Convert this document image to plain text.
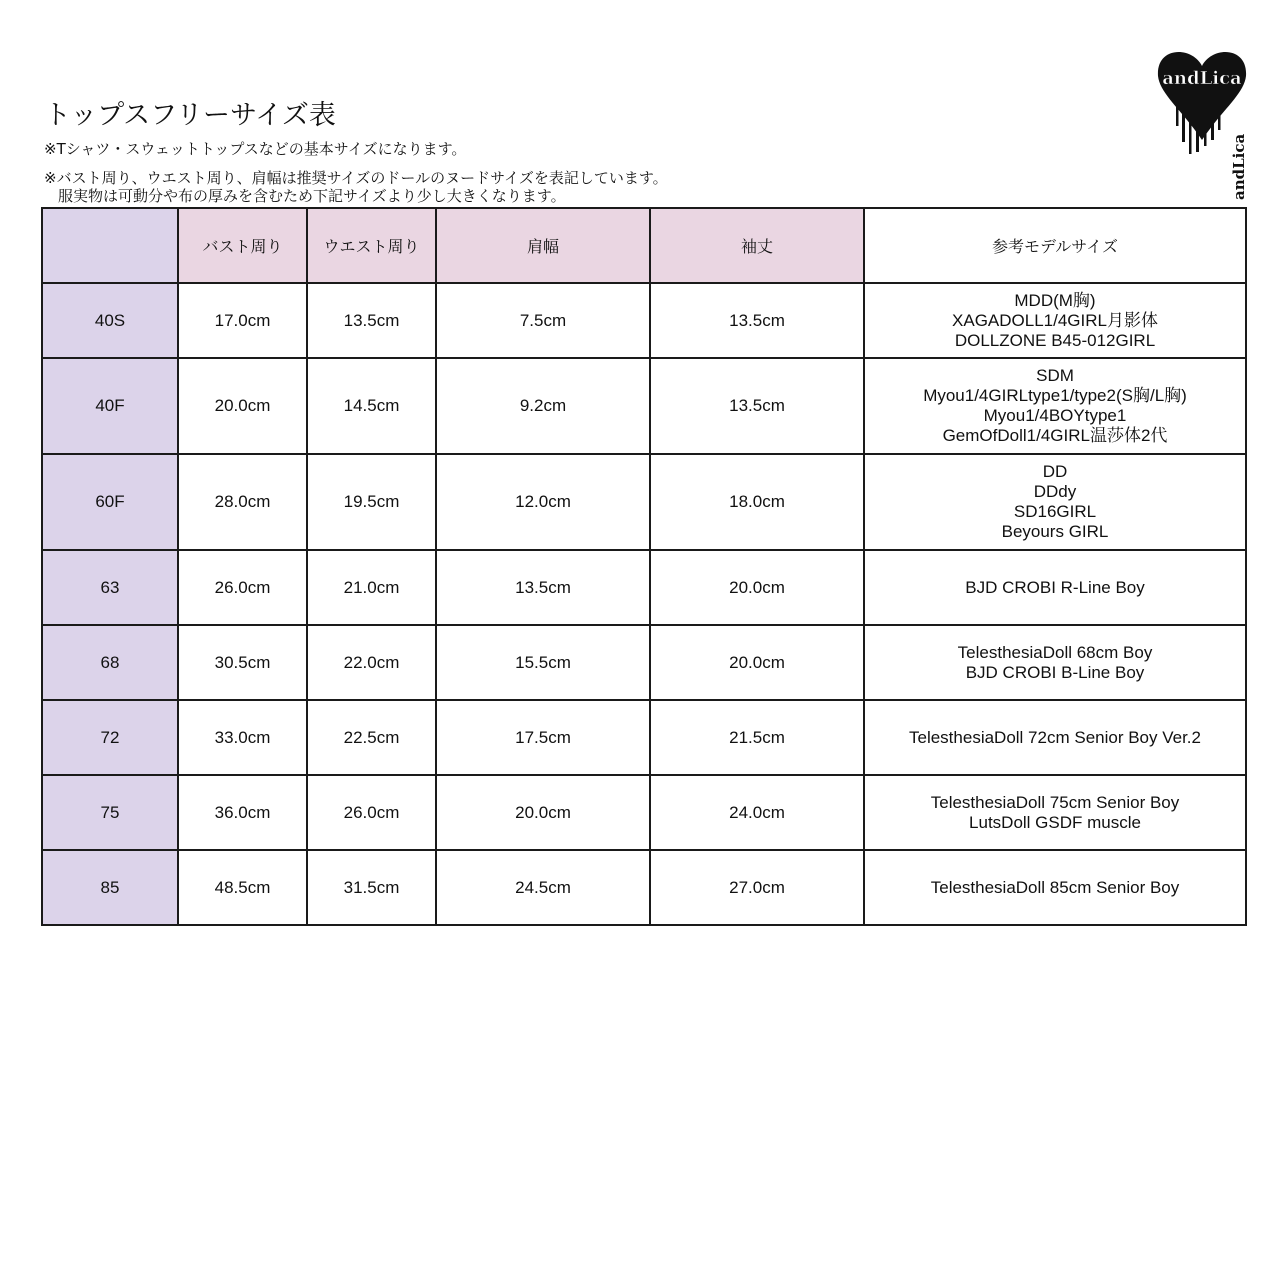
トップスフリーサイズ表
※Tシャツ・スウェットトップスなどの基本サイズになります。
※バスト周り、ウエスト周り、肩幅は推奨サイズのドールのヌードサイズを表記しています。
服実物は可動分や布の厚みを含むため下記サイズより少し大きくなります。
andLica
andLica
	バスト周り	ウエスト周り	肩幅	袖丈	参考モデルサイズ
40S	17.0cm	13.5cm	7.5cm	13.5cm	MDD(M胸)
XAGADOLL1/4GIRL月影体
DOLLZONE B45-012GIRL

40F	20.0cm	14.5cm	9.2cm	13.5cm	SDM
Myou1/4GIRLtype1/type2(S胸/L胸)
Myou1/4BOYtype1
GemOfDoll1/4GIRL温莎体2代

60F	28.0cm	19.5cm	12.0cm	18.0cm	DD
DDdy
SD16GIRL
Beyours GIRL

63	26.0cm	21.0cm	13.5cm	20.0cm	BJD CROBI R-Line Boy

68	30.5cm	22.0cm	15.5cm	20.0cm	TelesthesiaDoll 68cm Boy
BJD CROBI B-Line Boy

72	33.0cm	22.5cm	17.5cm	21.5cm	TelesthesiaDoll 72cm Senior Boy Ver.2

75	36.0cm	26.0cm	20.0cm	24.0cm	TelesthesiaDoll 75cm Senior Boy
LutsDoll GSDF muscle

85	48.5cm	31.5cm	24.5cm	27.0cm	TelesthesiaDoll 85cm Senior Boy
